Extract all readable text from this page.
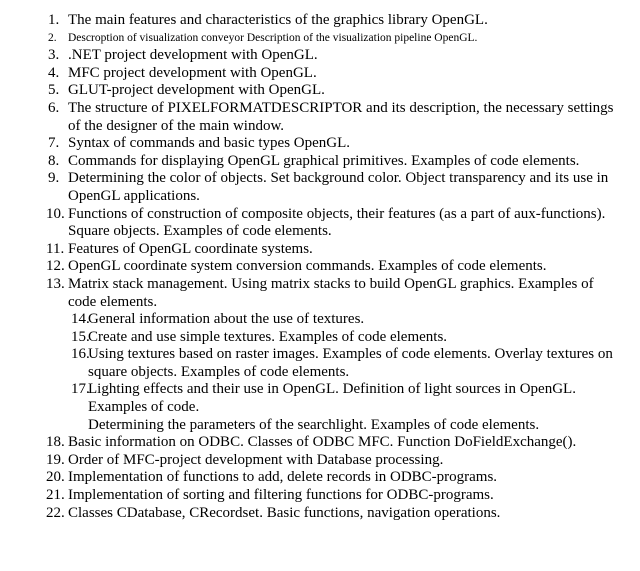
1. The main features and characteristics of the graphics library OpenGL.
2. Descroption of visualization conveyor Description of the visualization pipeline OpenGL.
3. .NET project development with OpenGL.
4. MFC project development with OpenGL.
5. GLUT-project development with OpenGL.
6. The structure of PIXELFORMATDESCRIPTOR and its description, the necessary settings of the designer of the main window.
7. Syntax of commands and basic types OpenGL.
8. Commands for displaying OpenGL graphical primitives. Examples of code elements.
9. Determining the color of objects. Set background color. Object transparency and its use in OpenGL applications.
10. Functions of construction of composite objects, their features (as a part of aux-functions). Square objects. Examples of code elements.
11. Features of OpenGL coordinate systems.
12. OpenGL coordinate system conversion commands. Examples of code elements.
13. Matrix stack management. Using matrix stacks to build OpenGL graphics. Examples of code elements.
14.
General information about the use of textures.
15.
Create and use simple textures. Examples of code elements.
16.
Using textures based on raster images. Examples of code elements. Overlay textures on square objects. Examples of code elements.
17.
Lighting effects and their use in OpenGL. Definition of light sources in OpenGL. Examples of code.
Determining the parameters of the searchlight. Examples of code elements.
18. Basic information on ODBC. Classes of ODBC MFC. Function DoFieldExchange().
19. Order of MFC-project development with Database processing.
20. Implementation of functions to add, delete records in ODBC-programs.
21. Implementation of sorting and filtering functions for ODBC-programs.
22. Classes CDatabase, CRecordset. Basic functions, navigation operations.
